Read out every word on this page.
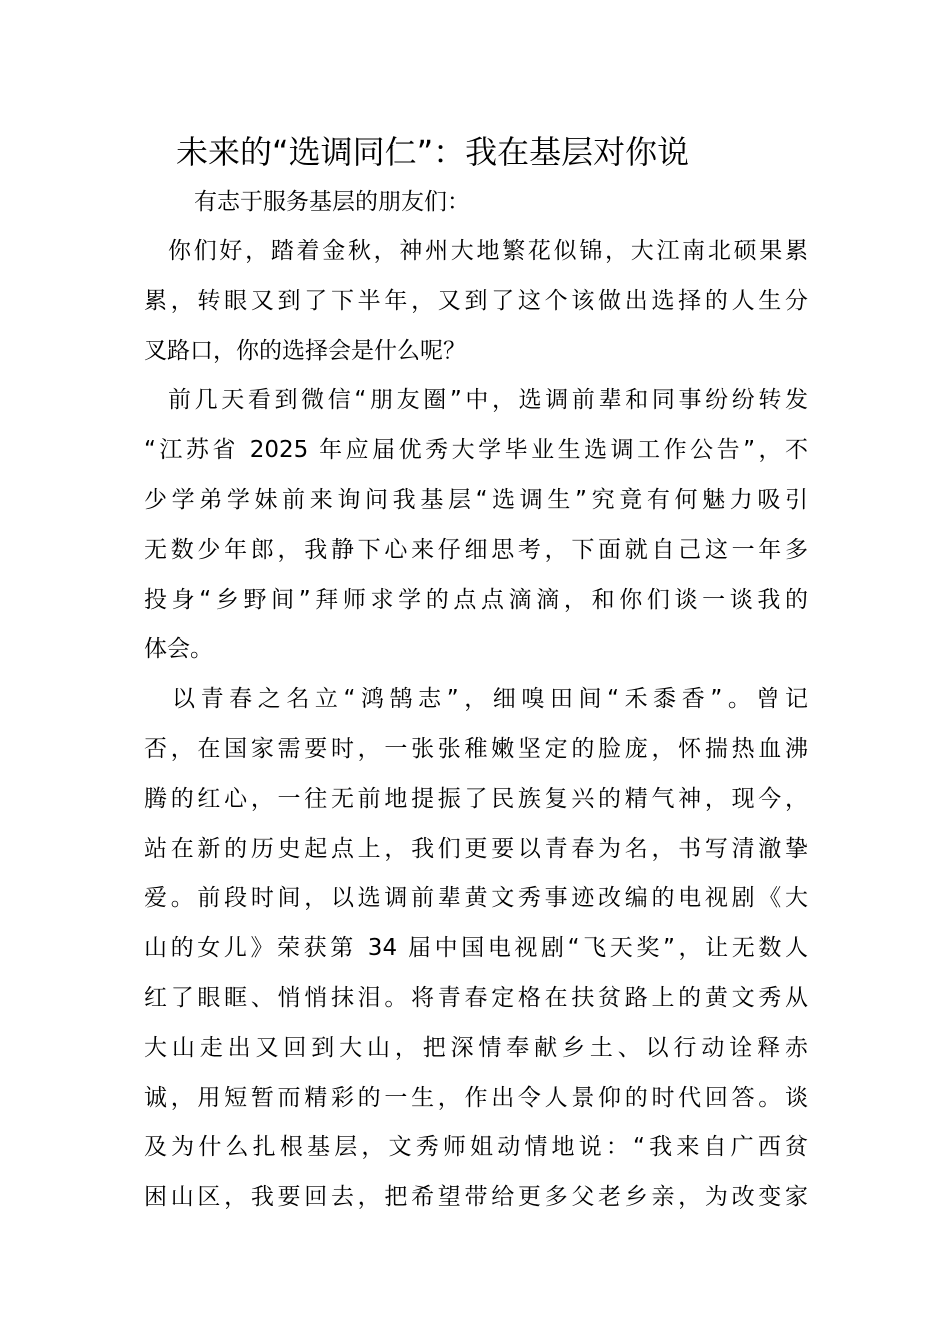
未来的“选调同仁”：我在基层对你说
有志于服务基层的朋友们：
你们好，踏着金秋，神州大地繁花似锦，大江南北硕果累
累，转眼又到了下半年，又到了这个该做出选择的人生分
叉路口，你的选择会是什么呢？
前几天看到微信“朋友圈”中，选调前辈和同事纷纷转发
“江苏省 2025 年应届优秀大学毕业生选调工作公告”，不
少学弟学妹前来询问我基层“选调生”究竟有何魅力吸引
无数少年郎，我静下心来仔细思考，下面就自己这一年多
投身“乡野间”拜师求学的点点滴滴，和你们谈一谈我的
体会。
以青春之名立“鸿鹄志”，细嗅田间“禾黍香”。曾记
否，在国家需要时，一张张稚嫩坚定的脸庞，怀揣热血沸
腾的红心，一往无前地提振了民族复兴的精气神，现今，
站在新的历史起点上，我们更要以青春为名，书写清澈挚
爱。前段时间，以选调前辈黄文秀事迹改编的电视剧《大
山的女儿》荣获第 34 届中国电视剧“飞天奖”，让无数人
红了眼眶、悄悄抹泪。将青春定格在扶贫路上的黄文秀从
大山走出又回到大山，把深情奉献乡土、以行动诠释赤
诚，用短暂而精彩的一生，作出令人景仰的时代回答。谈
及为什么扎根基层，文秀师姐动情地说：“我来自广西贫
困山区，我要回去，把希望带给更多父老乡亲，为改变家
